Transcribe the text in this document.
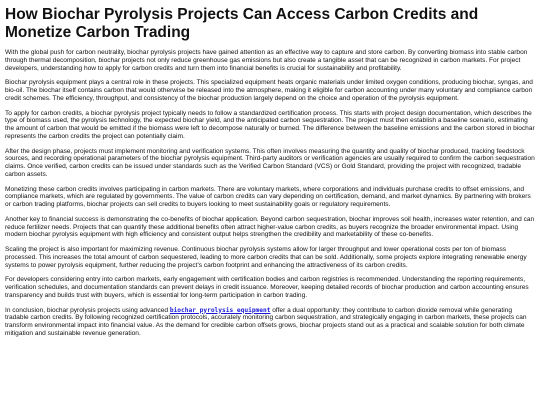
How Biochar Pyrolysis Projects Can Access Carbon Credits and Monetize Carbon Trading

With the global push for carbon neutrality, biochar pyrolysis projects have gained attention as an effective way to capture and store carbon. By converting biomass into stable carbon through thermal decomposition, biochar projects not only reduce greenhouse gas emissions but also create a tangible asset that can be recognized in carbon markets. For project developers, understanding how to apply for carbon credits and turn them into financial benefits is crucial for sustainability and profitability.

Biochar pyrolysis equipment plays a central role in these projects. This specialized equipment heats organic materials under limited oxygen conditions, producing biochar, syngas, and bio-oil. The biochar itself contains carbon that would otherwise be released into the atmosphere, making it eligible for carbon accounting under many voluntary and compliance carbon credit schemes. The efficiency, throughput, and consistency of the biochar production largely depend on the choice and operation of the pyrolysis equipment.

To apply for carbon credits, a biochar pyrolysis project typically needs to follow a standardized certification process. This starts with project design documentation, which describes the type of biomass used, the pyrolysis technology, the expected biochar yield, and the anticipated carbon sequestration. The project must then establish a baseline scenario, estimating the amount of carbon that would be emitted if the biomass were left to decompose naturally or burned. The difference between the baseline emissions and the carbon stored in biochar represents the carbon credits the project can potentially claim.

After the design phase, projects must implement monitoring and verification systems. This often involves measuring the quantity and quality of biochar produced, tracking feedstock sources, and recording operational parameters of the biochar pyrolysis equipment. Third-party auditors or verification agencies are usually required to confirm the carbon sequestration claims. Once verified, carbon credits can be issued under standards such as the Verified Carbon Standard (VCS) or Gold Standard, providing the project with recognized, tradable carbon assets.

Monetizing these carbon credits involves participating in carbon markets. There are voluntary markets, where corporations and individuals purchase credits to offset emissions, and compliance markets, which are regulated by governments. The value of carbon credits can vary depending on certification, demand, and market dynamics. By partnering with brokers or carbon trading platforms, biochar projects can sell credits to buyers looking to meet sustainability goals or regulatory requirements.

Another key to financial success is demonstrating the co-benefits of biochar application. Beyond carbon sequestration, biochar improves soil health, increases water retention, and can reduce fertilizer needs. Projects that can quantify these additional benefits often attract higher-value carbon credits, as buyers recognize the broader environmental impact. Using modern biochar pyrolysis equipment with high efficiency and consistent output helps strengthen the credibility and marketability of these co-benefits.

Scaling the project is also important for maximizing revenue. Continuous biochar pyrolysis systems allow for larger throughput and lower operational costs per ton of biomass processed. This increases the total amount of carbon sequestered, leading to more carbon credits that can be sold. Additionally, some projects explore integrating renewable energy systems to power pyrolysis equipment, further reducing the project's carbon footprint and enhancing the attractiveness of its carbon credits.

For developers considering entry into carbon markets, early engagement with certification bodies and carbon registries is recommended. Understanding the reporting requirements, verification schedules, and documentation standards can prevent delays in credit issuance. Moreover, keeping detailed records of biochar production and carbon accounting ensures transparency and builds trust with buyers, which is essential for long-term participation in carbon trading.

In conclusion, biochar pyrolysis projects using advanced biochar pyrolysis equipment offer a dual opportunity: they contribute to carbon dioxide removal while generating tradable carbon credits. By following recognized certification protocols, accurately monitoring carbon sequestration, and strategically engaging in carbon markets, these projects can transform environmental impact into financial value. As the demand for credible carbon offsets grows, biochar projects stand out as a practical and scalable solution for both climate mitigation and sustainable revenue generation.
